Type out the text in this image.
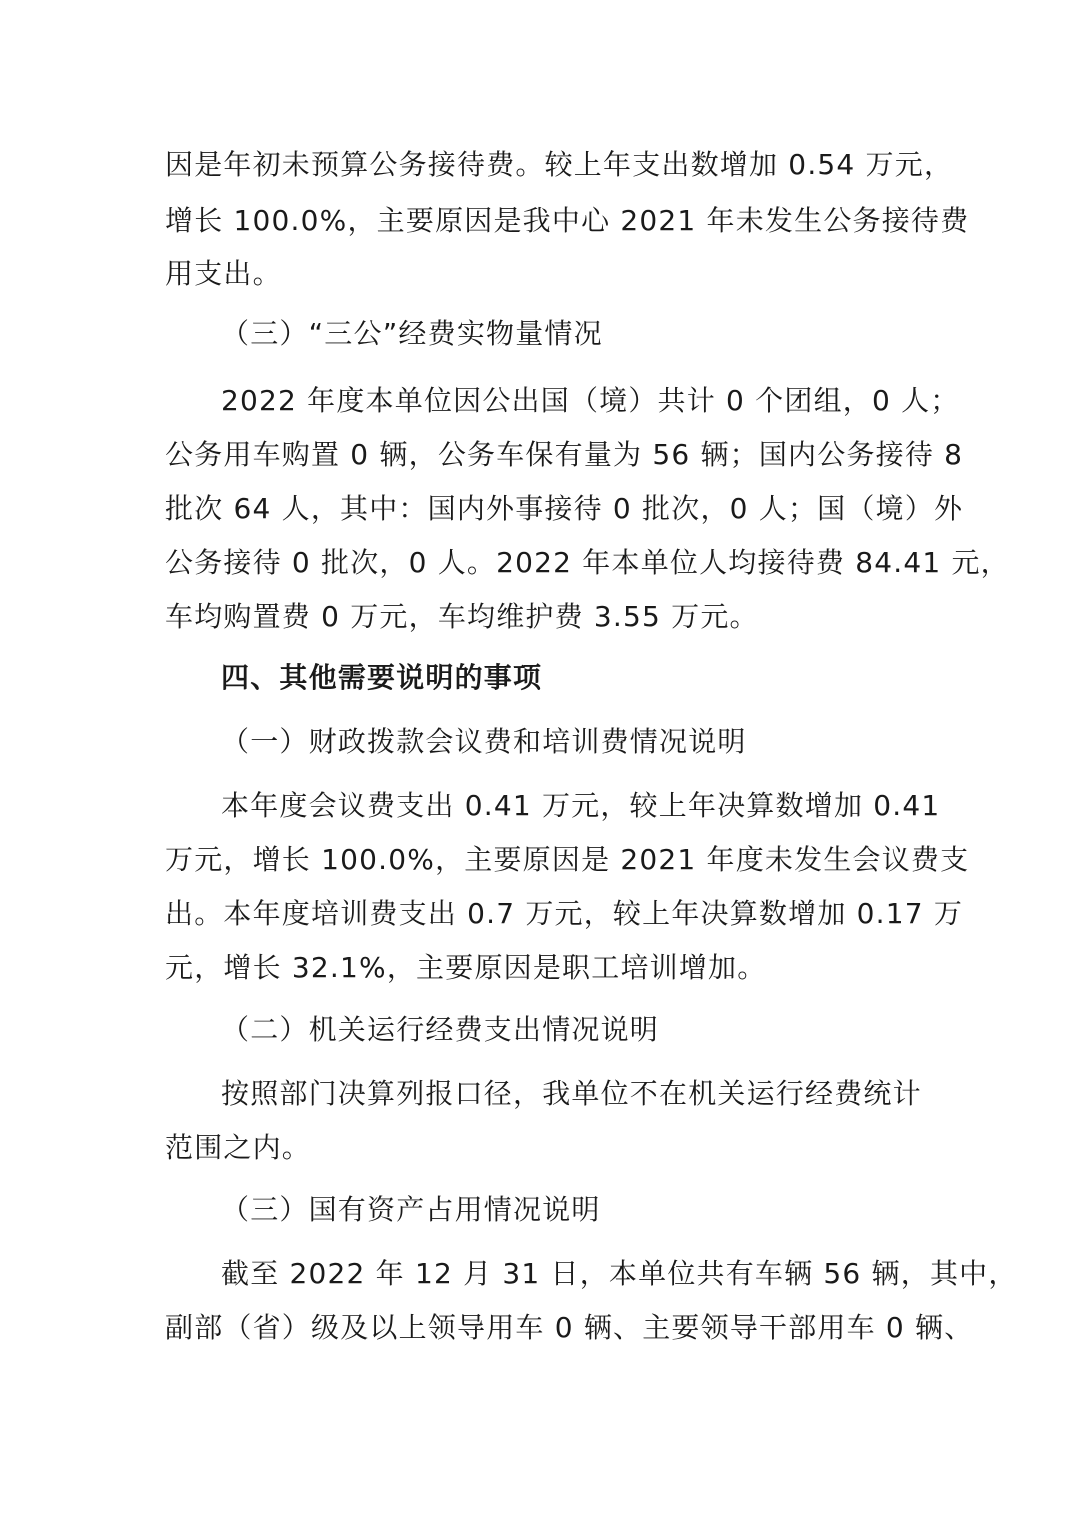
因是年初未预算公务接待费。较上年支出数增加 0.54 万元，
增长 100.0%，主要原因是我中心 2021 年未发生公务接待费
用支出。
（三）“三公”经费实物量情况
2022 年度本单位因公出国（境）共计 0 个团组，0 人；
公务用车购置 0 辆，公务车保有量为 56 辆；国内公务接待 8
批次 64 人，其中：国内外事接待 0 批次，0 人；国（境）外
公务接待 0 批次，0 人。2022 年本单位人均接待费 84.41 元，
车均购置费 0 万元，车均维护费 3.55 万元。
四、其他需要说明的事项
（一）财政拨款会议费和培训费情况说明
本年度会议费支出 0.41 万元，较上年决算数增加 0.41
万元，增长 100.0%，主要原因是 2021 年度未发生会议费支
出。本年度培训费支出 0.7 万元，较上年决算数增加 0.17 万
元，增长 32.1%，主要原因是职工培训增加。
（二）机关运行经费支出情况说明
按照部门决算列报口径，我单位不在机关运行经费统计
范围之内。
（三）国有资产占用情况说明
截至 2022 年 12 月 31 日，本单位共有车辆 56 辆，其中，
副部（省）级及以上领导用车 0 辆、主要领导干部用车 0 辆、
